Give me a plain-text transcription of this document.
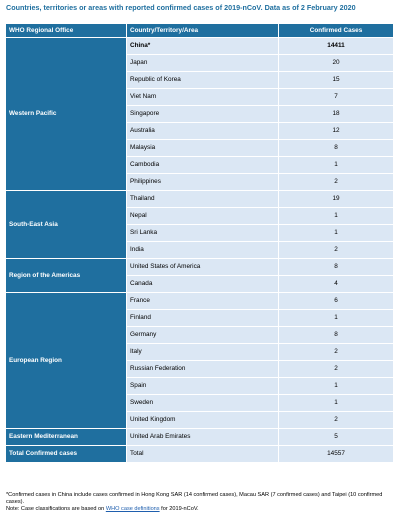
Countries, territories or areas with reported confirmed cases of 2019-nCoV. Data as of 2 February 2020
WHO Regional Office	Country/Territory/Area	Confirmed Cases
Western Pacific	China*	14411
	Japan	20
	Republic of Korea	15
	Viet Nam	7
	Singapore	18
	Australia	12
	Malaysia	8
	Cambodia	1
	Philippines	2
South-East Asia	Thailand	19
	Nepal	1
	Sri Lanka	1
	India	2
Region of the Americas	United States of America	8
	Canada	4
European Region	France	6
	Finland	1
	Germany	8
	Italy	2
	Russian Federation	2
	Spain	1
	Sweden	1
	United Kingdom	2
Eastern Mediterranean	United Arab Emirates	5
Total Confirmed cases	Total	14557

*Confirmed cases in China include cases confirmed in Hong Kong SAR (14 confirmed cases), Macau SAR (7 confirmed cases) and Taipei (10 confirmed cases).

Note: Case classifications are based on WHO case definitions for 2019-nCoV.
